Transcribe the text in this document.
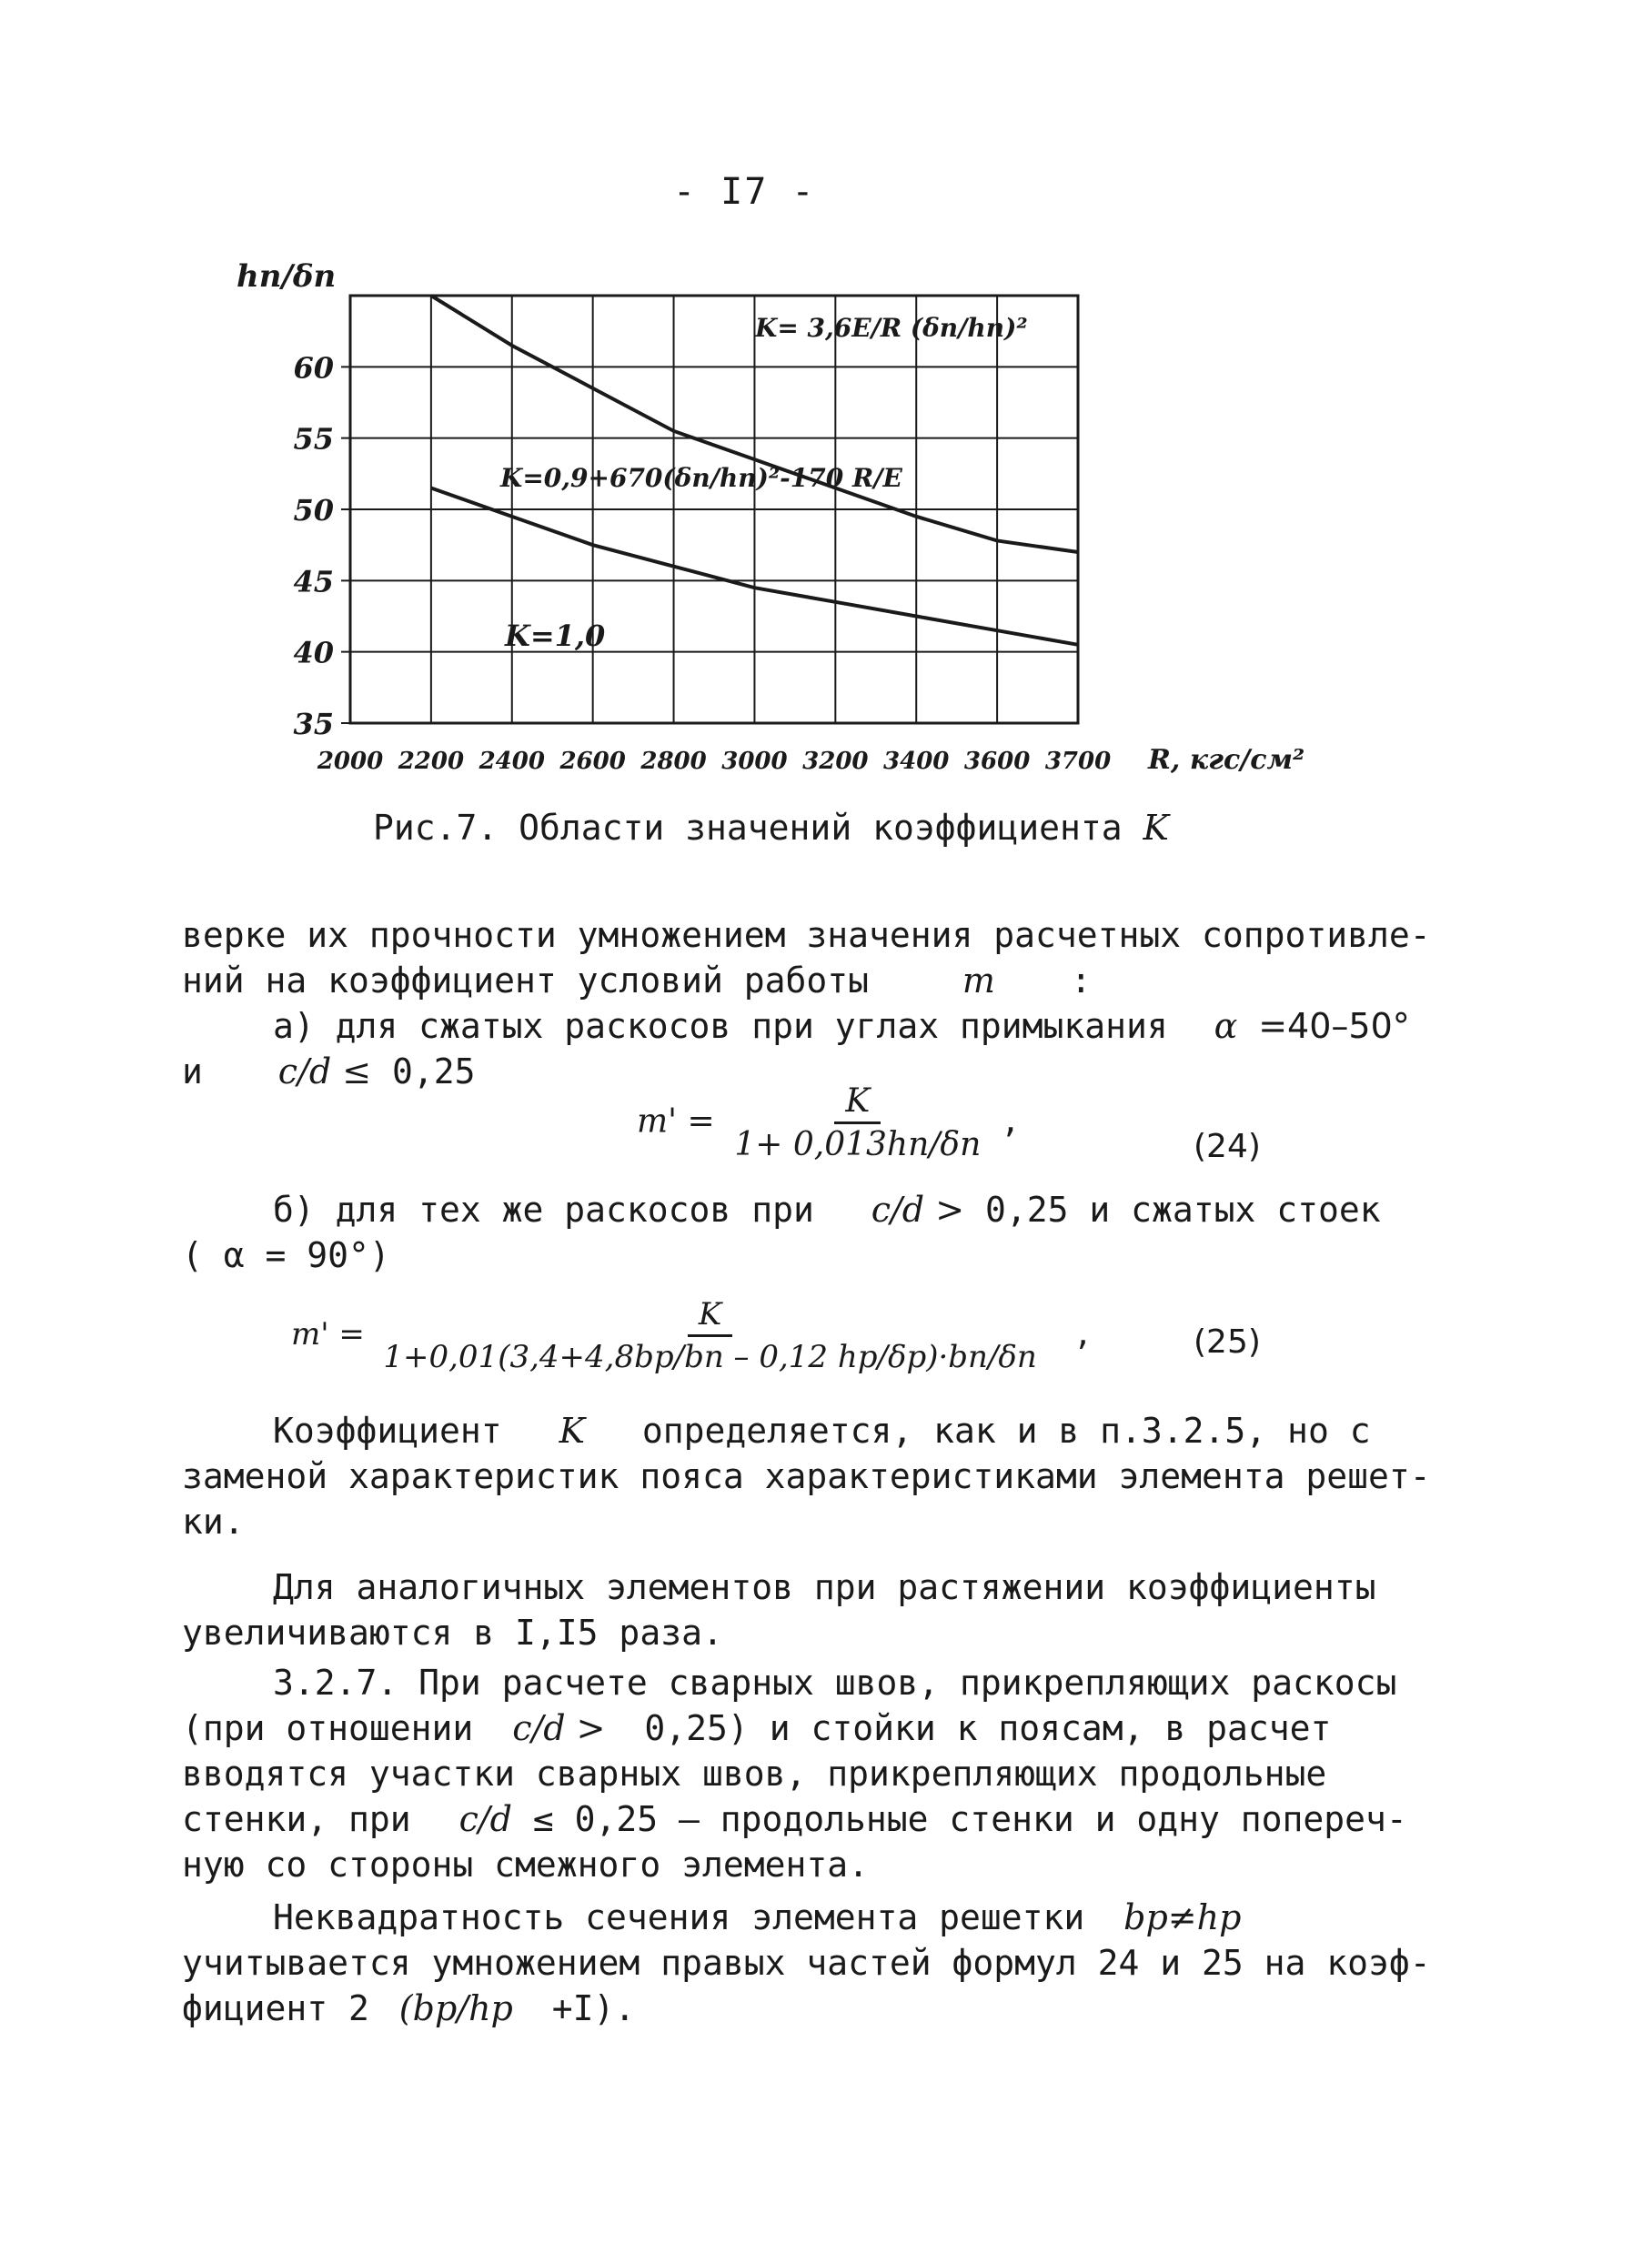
- I7 -
35
40
45
50
55
60
2000 2200 2400 2600 2800 3000 3200 3400 3600 3700
hп/δп
R, кгс/см²
K= 3,6E/R (δп/hп)²
K=0,9+670(δп/hп)²-170 R/E
K=1,0
Рис.7. Области значений коэффициента K
верке их прочности умножением значения расчетных сопротивле-
ний на коэффициент условий работы	m :
а) для сжатых раскосов при углах примыкания α =40–50°
и c/d ≤ 0,25
$m' = \frac{K}{1+ 0,013hп/\delta п}$ ,
(24)
б) для тех же раскосов при c/d > 0,25 и сжатых стоек
( α = 90°)
$m' = \frac{K}{1+0,01(3,4+4,8bр/bп - 0,12 hр/\delta р)\cdot bп/\delta п}$ ,	(25)
Коэффициент K определяется, как и в п.3.2.5, но с
заменой характеристик пояса характеристиками элемента решет-
ки.
Для аналогичных элементов при растяжении коэффициенты
увеличиваются в I,I5 раза.
3.2.7. При расчете сварных швов, прикрепляющих раскосы
(при отношении c/d > 0,25) и стойки к поясам, в расчет
вводятся участки сварных швов, прикрепляющих продольные
стенки, при c/d ≤ 0,25 – продольные стенки и одну попереч-
ную со стороны смежного элемента.
Неквадратность сечения элемента решетки bр≠hр
учитывается умножением правых частей формул 24 и 25 на коэф-
фициент 2 (bр/hр +I).
